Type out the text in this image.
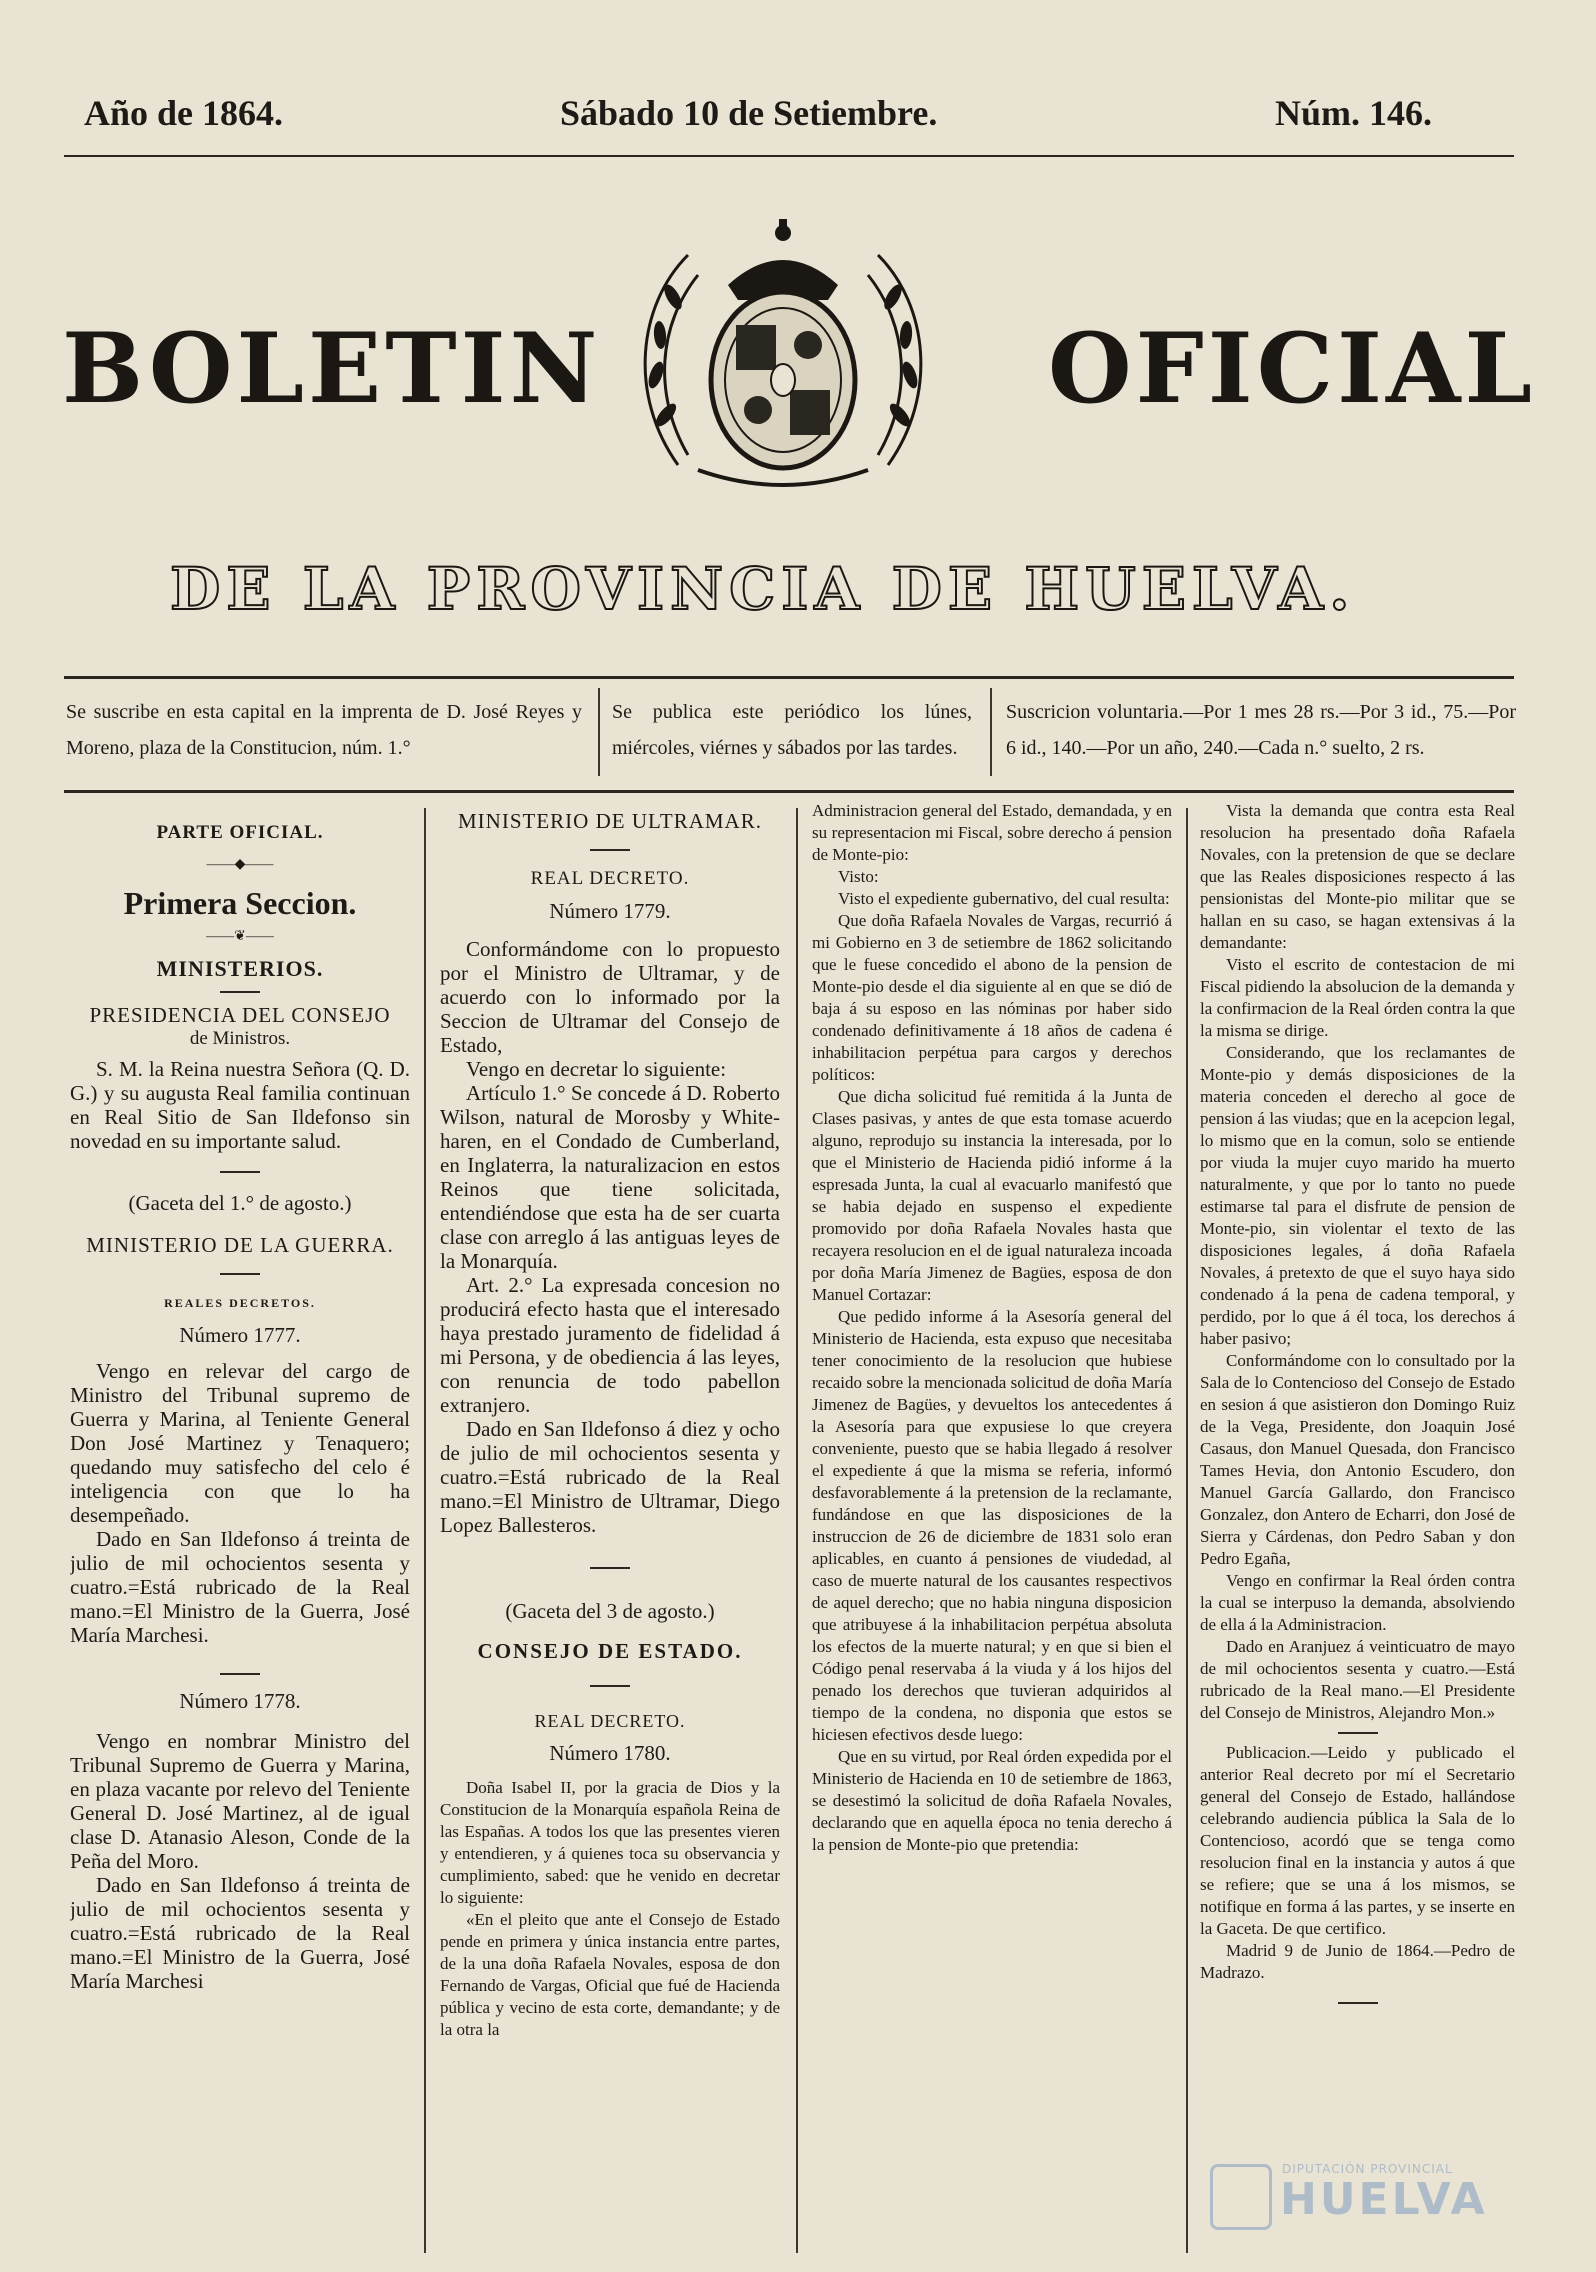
Año de 1864.	Sábado 10 de Setiembre.	Núm. 146.
BOLETIN	OFICIAL
DE LA PROVINCIA DE HUELVA.
Se suscribe en esta capital en la imprenta de D. José Reyes y Moreno, plaza de la Constitucion, núm. 1.°
Se publica este periódico los lúnes, miércoles, viérnes y sábados por las tardes.
Suscricion voluntaria.—Por 1 mes 28 rs.—Por 3 id., 75.—Por 6 id., 140.—Por un año, 240.—Cada n.° suelto, 2 rs.
PARTE OFICIAL.
——◆——
Primera Seccion.
——❦——
MINISTERIOS.
PRESIDENCIA DEL CONSEJO
de Ministros.

S. M. la Reina nuestra Señora (Q. D. G.) y su augusta Real familia continuan en Real Sitio de San Ildefonso sin novedad en su importante salud.

(Gaceta del 1.° de agosto.)
MINISTERIO DE LA GUERRA.
REALES DECRETOS.
Número 1777.

Vengo en relevar del cargo de Ministro del Tribunal supremo de Guerra y Marina, al Teniente General Don José Martinez y Tenaquero; quedando muy satisfecho del celo é inteligencia con que lo ha desempeñado.

Dado en San Ildefonso á treinta de julio de mil ochocientos sesenta y cuatro.=Está rubricado de la Real mano.=El Ministro de la Guerra, José María Marchesi.

Número 1778.

Vengo en nombrar Ministro del Tribunal Supremo de Guerra y Marina, en plaza vacante por relevo del Teniente General D. José Martinez, al de igual clase D. Atanasio Aleson, Conde de la Peña del Moro.

Dado en San Ildefonso á treinta de julio de mil ochocientos sesenta y cuatro.=Está rubricado de la Real mano.=El Ministro de la Guerra, José María Marchesi

MINISTERIO DE ULTRAMAR.
REAL DECRETO.
Número 1779.

Conformándome con lo propuesto por el Ministro de Ultramar, y de acuerdo con lo informado por la Seccion de Ultramar del Consejo de Estado,

Vengo en decretar lo siguiente:

Artículo 1.° Se concede á D. Roberto Wilson, natural de Morosby y White-haren, en el Condado de Cumberland, en Inglaterra, la naturalizacion en estos Reinos que tiene solicitada, entendiéndose que esta ha de ser cuarta clase con arreglo á las antiguas leyes de la Monarquía.

Art. 2.° La expresada concesion no producirá efecto hasta que el interesado haya prestado juramento de fidelidad á mi Persona, y de obediencia á las leyes, con renuncia de todo pabellon extranjero.

Dado en San Ildefonso á diez y ocho de julio de mil ochocientos sesenta y cuatro.=Está rubricado de la Real mano.=El Ministro de Ultramar, Diego Lopez Ballesteros.

(Gaceta del 3 de agosto.)
CONSEJO DE ESTADO.
REAL DECRETO.
Número 1780.

Doña Isabel II, por la gracia de Dios y la Constitucion de la Monarquía española Reina de las Españas. A todos los que las presentes vieren y entendieren, y á quienes toca su observancia y cumplimiento, sabed: que he venido en decretar lo siguiente:

«En el pleito que ante el Consejo de Estado pende en primera y única instancia entre partes, de la una doña Rafaela Novales, esposa de don Fernando de Vargas, Oficial que fué de Hacienda pública y vecino de esta corte, demandante; y de la otra la

Administracion general del Estado, demandada, y en su representacion mi Fiscal, sobre derecho á pension de Monte-pio:

Visto:

Visto el expediente gubernativo, del cual resulta:

Que doña Rafaela Novales de Vargas, recurrió á mi Gobierno en 3 de setiembre de 1862 solicitando que le fuese concedido el abono de la pension de Monte-pio desde el dia siguiente al en que se dió de baja á su esposo en las nóminas por haber sido condenado definitivamente á 18 años de cadena é inhabilitacion perpétua para cargos y derechos políticos:

Que dicha solicitud fué remitida á la Junta de Clases pasivas, y antes de que esta tomase acuerdo alguno, reprodujo su instancia la interesada, por lo que el Ministerio de Hacienda pidió informe á la espresada Junta, la cual al evacuarlo manifestó que se habia dejado en suspenso el expediente promovido por doña Rafaela Novales hasta que recayera resolucion en el de igual naturaleza incoada por doña María Jimenez de Bagües, esposa de don Manuel Cortazar:

Que pedido informe á la Asesoría general del Ministerio de Hacienda, esta expuso que necesitaba tener conocimiento de la resolucion que hubiese recaido sobre la mencionada solicitud de doña María Jimenez de Bagües, y devueltos los antecedentes á la Asesoría para que expusiese lo que creyera conveniente, puesto que se habia llegado á resolver el expediente á que la misma se referia, informó desfavorablemente á la pretension de la reclamante, fundándose en que las disposiciones de la instruccion de 26 de diciembre de 1831 solo eran aplicables, en cuanto á pensiones de viudedad, al caso de muerte natural de los causantes respectivos de aquel derecho; que no habia ninguna disposicion que atribuyese á la inhabilitacion perpétua absoluta los efectos de la muerte natural; y en que si bien el Código penal reservaba á la viuda y á los hijos del penado los derechos que tuvieran adquiridos al tiempo de la condena, no disponia que estos se hiciesen efectivos desde luego:

Que en su virtud, por Real órden expedida por el Ministerio de Hacienda en 10 de setiembre de 1863, se desestimó la solicitud de doña Rafaela Novales, declarando que en aquella época no tenia derecho á la pension de Monte-pio que pretendia:

Vista la demanda que contra esta Real resolucion ha presentado doña Rafaela Novales, con la pretension de que se declare que las Reales disposiciones respecto á las pensionistas del Monte-pio militar que se hallan en su caso, se hagan extensivas á la demandante:

Visto el escrito de contestacion de mi Fiscal pidiendo la absolucion de la demanda y la confirmacion de la Real órden contra la que la misma se dirige.

Considerando, que los reclamantes de Monte-pio y demás disposiciones de la materia conceden el derecho al goce de pension á las viudas; que en la acepcion legal, lo mismo que en la comun, solo se entiende por viuda la mujer cuyo marido ha muerto naturalmente, y que por lo tanto no puede estimarse tal para el disfrute de pension de Monte-pio, sin violentar el texto de las disposiciones legales, á doña Rafaela Novales, á pretexto de que el suyo haya sido condenado á la pena de cadena temporal, y perdido, por lo que á él toca, los derechos á haber pasivo;

Conformándome con lo consultado por la Sala de lo Contencioso del Consejo de Estado en sesion á que asistieron don Domingo Ruiz de la Vega, Presidente, don Joaquin José Casaus, don Manuel Quesada, don Francisco Tames Hevia, don Antonio Escudero, don Manuel García Gallardo, don Francisco Gonzalez, don Antero de Echarri, don José de Sierra y Cárdenas, don Pedro Saban y don Pedro Egaña,

Vengo en confirmar la Real órden contra la cual se interpuso la demanda, absolviendo de ella á la Administracion.

Dado en Aranjuez á veinticuatro de mayo de mil ochocientos sesenta y cuatro.—Está rubricado de la Real mano.—El Presidente del Consejo de Ministros, Alejandro Mon.»

Publicacion.—Leido y publicado el anterior Real decreto por mí el Secretario general del Consejo de Estado, hallándose celebrando audiencia pública la Sala de lo Contencioso, acordó que se tenga como resolucion final en la instancia y autos á que se refiere; que se una á los mismos, se notifique en forma á las partes, y se inserte en la Gaceta. De que certifico.

Madrid 9 de Junio de 1864.—Pedro de Madrazo.

DIPUTACIÓN PROVINCIAL
HUELVA
